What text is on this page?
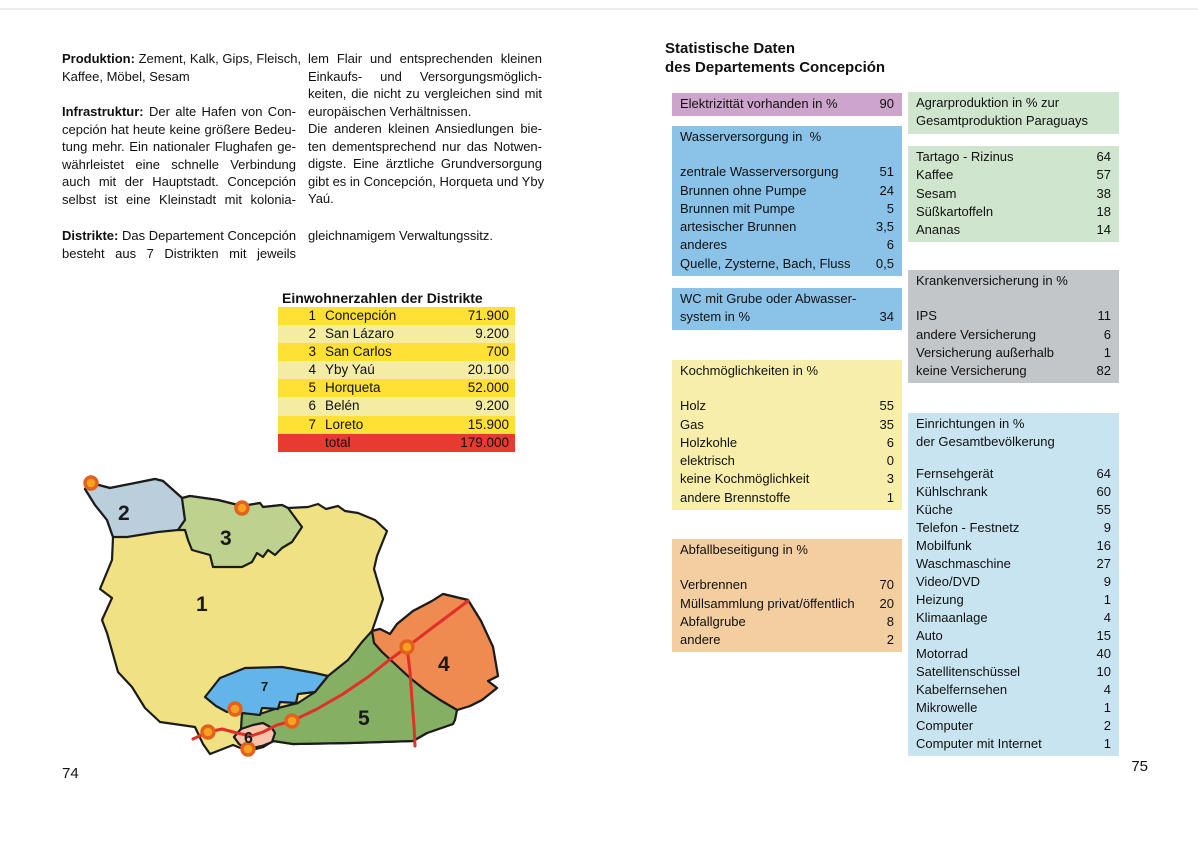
Produktion: Zement, Kalk, Gips, Fleisch,
Kaffee, Möbel, Sesam
Infrastruktur: Der alte Hafen von Con-
cepción hat heute keine größere Bedeu-
tung mehr. Ein nationaler Flughafen ge-
währleistet eine schnelle Verbindung
auch mit der Hauptstadt. Concepción
selbst ist eine Kleinstadt mit kolonia-
Distrikte: Das Departement Concepción
besteht aus 7 Distrikten mit jeweils
lem Flair und entsprechenden kleinen
Einkaufs- und Versorgungsmöglich-
keiten, die nicht zu vergleichen sind mit
europäischen Verhältnissen.
Die anderen kleinen Ansiedlungen bie-
ten dementsprechend nur das Notwen-
digste. Eine ärztliche Grundversorgung
gibt es in Concepción, Horqueta und Yby
Yaú.
gleichnamigem Verwaltungssitz.
Einwohnerzahlen der Distrikte
1 Concepción	71.900
2 San Lázaro	9.200
3 San Carlos	700
4 Yby Yaú	20.100
5 Horqueta	52.000
6 Belén	9.200
7 Loreto	15.900
total	179.000
1
2
3
4
5
6
7
74
Statistische Daten
des Departements Concepción
Elektrizittät vorhanden in %	90
Wasserversorgung in  %
zentrale Wasserversorgung	51
Brunnen ohne Pumpe	24
Brunnen mit Pumpe	5
artesischer Brunnen	3,5
anderes	6
Quelle, Zysterne, Bach, Fluss 0,5
WC mit Grube oder Abwasser-
system in %	34
Kochmöglichkeiten in %
Holz	55
Gas	35
Holzkohle	6
elektrisch	0
keine Kochmöglichkeit	3
andere Brennstoffe	1
Abfallbeseitigung in %
Verbrennen	70
Müllsammlung privat/öffentlich 20
Abfallgrube	8
andere	2
Agrarproduktion in % zur
Gesamtproduktion Paraguays
Tartago - Rizinus	64
Kaffee	57
Sesam	38
Süßkartoffeln	18
Ananas	14
Krankenversicherung in %
IPS	11
andere Versicherung	6
Versicherung außerhalb	1
keine Versicherung	82
Einrichtungen in %
der Gesamtbevölkerung
Fernsehgerät	64
Kühlschrank	60
Küche	55
Telefon - Festnetz	9
Mobilfunk	16
Waschmaschine	27
Video/DVD	9
Heizung	1
Klimaanlage	4
Auto	15
Motorrad	40
Satellitenschüssel	10
Kabelfernsehen	4
Mikrowelle	1
Computer	2
Computer mit Internet	1
75
